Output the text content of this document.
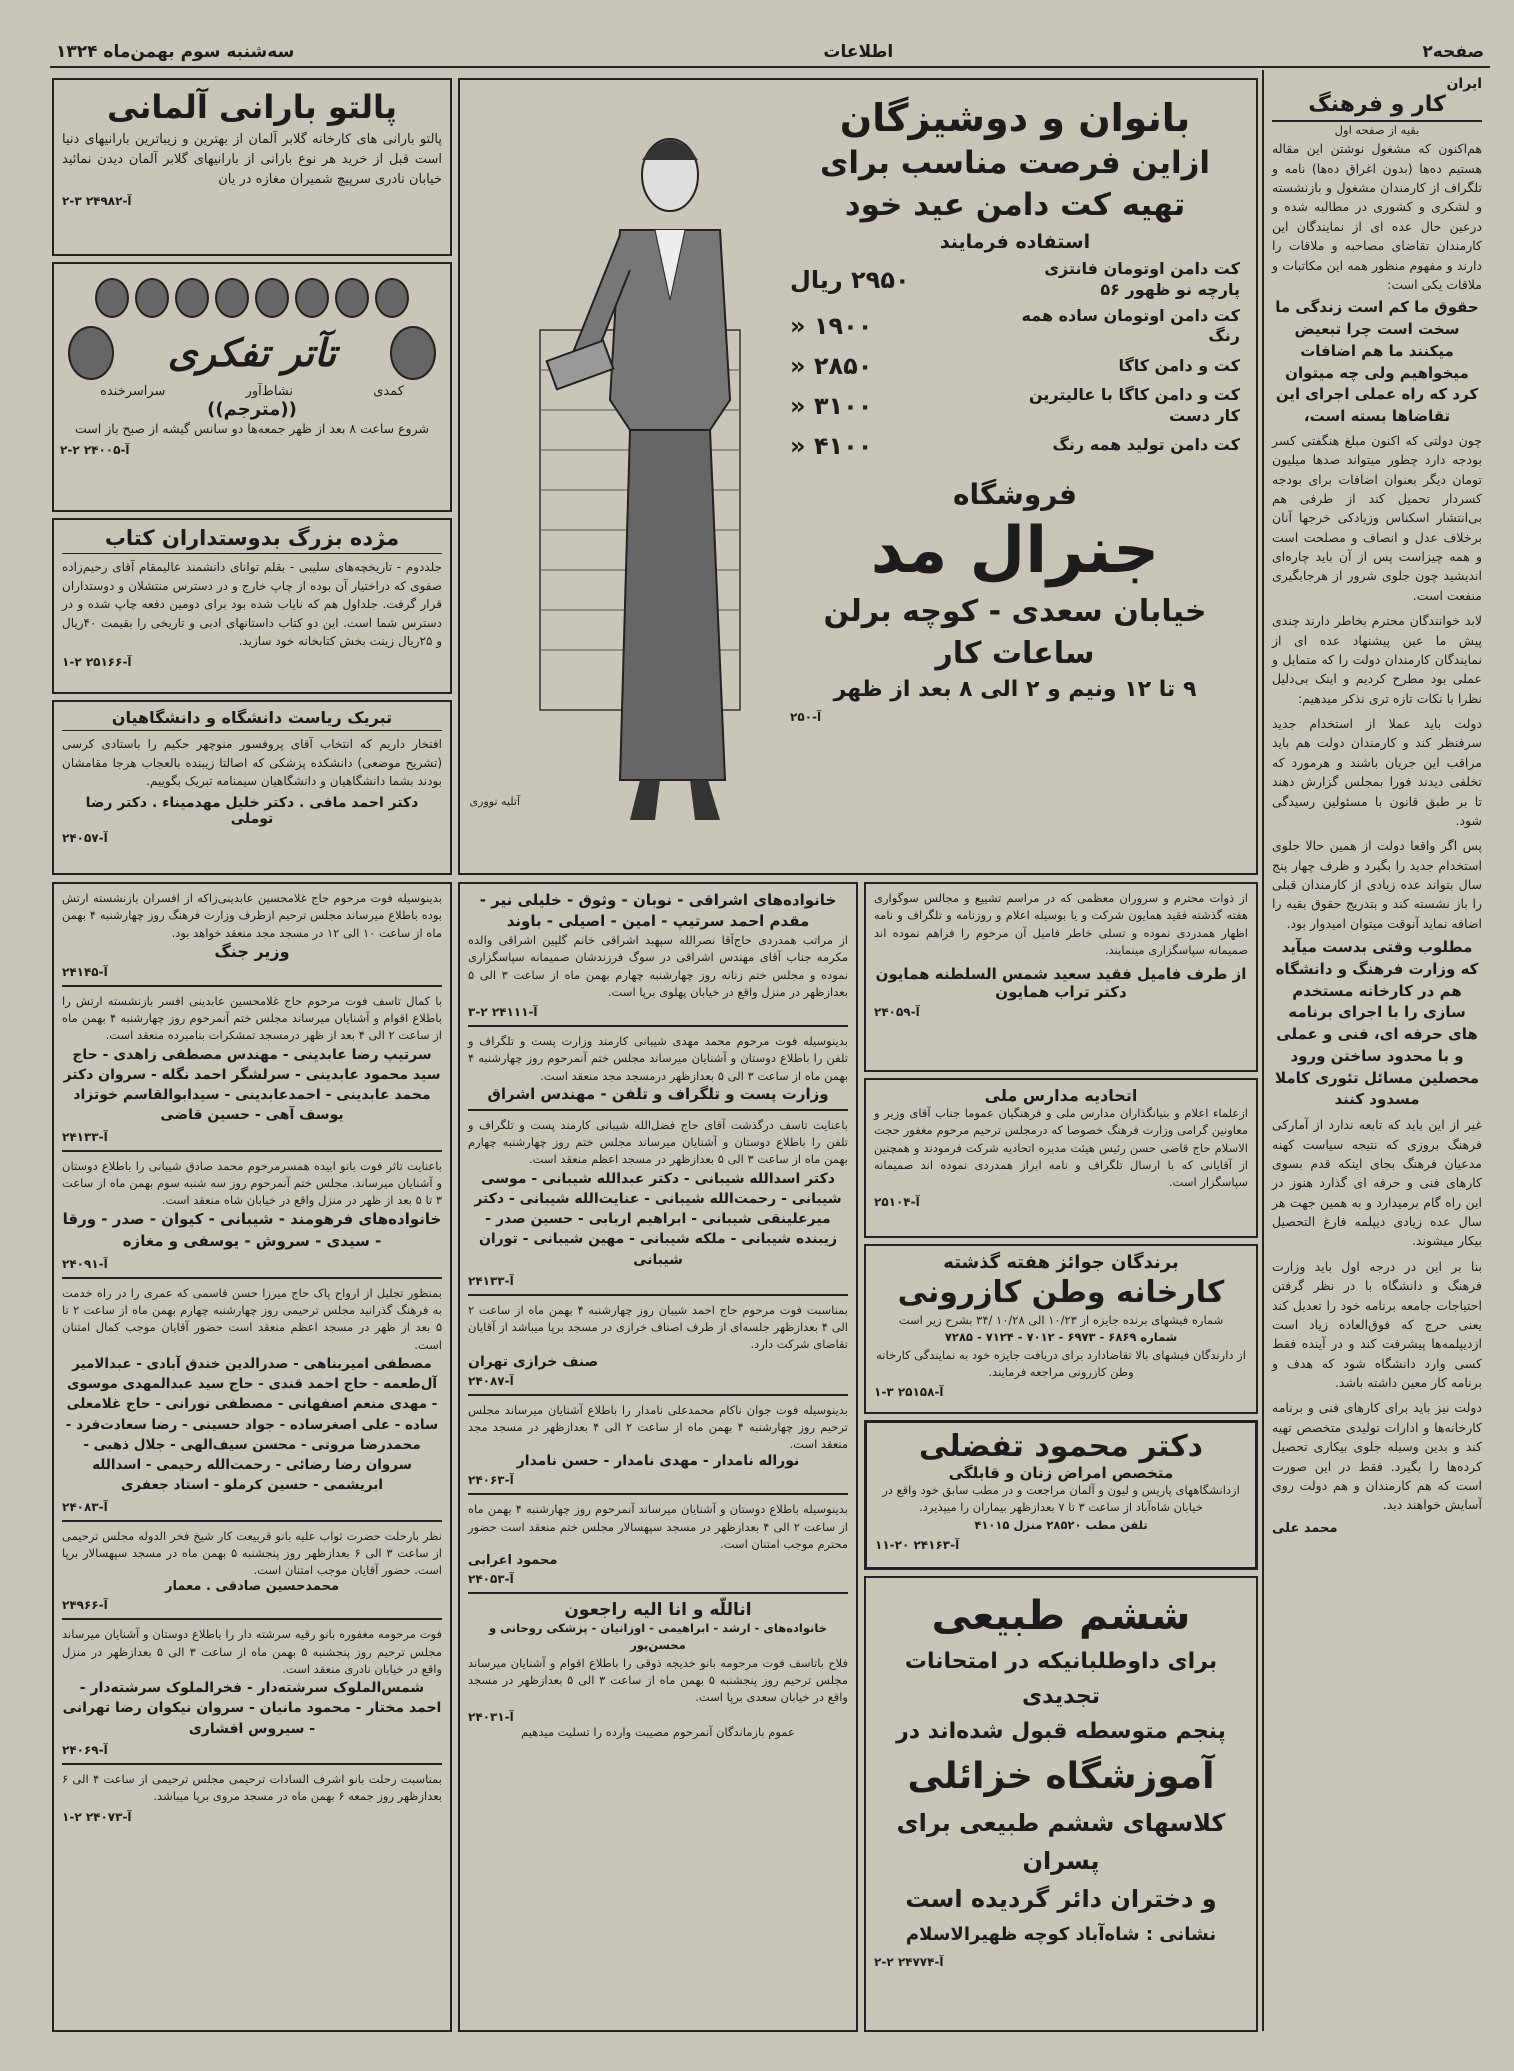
صفحه۲
اطلاعات
سه‌شنبه سوم بهمن‌ماه ۱۳۲۴
ایران
کار و فرهنگ
بقیه از صفحه اول

هم‌اکنون که مشغول نوشتن این مقاله هستیم ده‌ها (بدون اغراق ده‌ها) نامه و تلگراف از کارمندان مشغول و بازنشسته و لشکری و کشوری در مطالبه شده و درعین حال عده ای از نمایندگان این کارمندان تقاضای مصاحبه و ملاقات را دارند و مفهوم منظور همه این مکاتبات و ملاقات یکی است:

حقوق ما کم است زندگی ما سخت است چرا تبعیض میکنند ما هم اضافات میخواهیم ولی چه میتوان کرد که راه عملی اجرای این تقاضاها بسته است،

چون دولتی که اکنون مبلغ هنگفتی کسر بودجه دارد چطور میتواند صدها میلیون تومان دیگر بعنوان اضافات برای بودجه کسردار تحمیل کند از طرفی هم بی‌انتشار اسکناس وزیادکی خرجها آنان برخلاف عدل و انصاف و مصلحت است و همه چیزاست پس از آن باید چاره‌ای اندیشید چون جلوی شرور از هرجابگیری منفعت است.

لابد خوانندگان محترم بخاطر دارند چندی پیش ما عین پیشنهاد عده ای از نمایندگان کارمندان دولت را که متمایل و عملی بود مطرح کردیم و اینک بی‌دلیل نظرا با نکات تازه تری نذکر میدهیم:

دولت باید عملا از استخدام جدید سرفنظر کند و کارمندان دولت هم باید مراقب این جریان باشند و هرمورد که تخلفی دیدند فورا بمجلس گزارش دهند تا بر طبق قانون با مسئولین رسیدگی شود.

پس اگر واقعا دولت از همین حالا جلوی استخدام جدید را بگیرد و ظرف چهار پنج سال بتواند عده زیادی از کارمندان قبلی را باز نشسته کند و بتدریج حقوق بقیه را اضافه نماید آنوقت میتوان امیدوار بود.

مطلوب وقتی بدست میآید که وزارت فرهنگ و دانشگاه هم در کارخانه مستخدم سازی را با اجرای برنامه های حرفه ای، فنی و عملی و با محدود ساختن ورود محصلین مسائل تئوری کاملا مسدود کنند

غیر از این باید که تابعه ندارد از آمارکی فرهنگ بروزی که نتیجه سیاست کهنه مدعیان فرهنگ بجای اینکه قدم بسوی کارهای فنی و حرفه ای گذارد هنوز در این راه گام برمیدارد و به همین جهت هر سال عده زیادی دیپلمه فارغ التحصیل بیکار میشوند.

بنا بر این در درجه اول باید وزارت فرهنگ و دانشگاه با در نظر گرفتن احتیاجات جامعه برنامه خود را تعدیل کند یعنی حرج که فوق‌العاده زیاد است ازدیپلمه‌ها پیشرفت کند و در آینده فقط کسی وارد دانشگاه شود که هدف و برنامه کار معین داشته باشد.

دولت نیز باید برای کارهای فنی و برنامه کارخانه‌ها و ادارات تولیدی متخصص تهیه کند و بدین وسیله جلوی بیکاری تحصیل کرده‌ها را بگیرد. فقط در این صورت است که هم کارمندان و هم دولت روی آسایش خواهند دید.

محمد علی

آتلیه تووری
بانوان و دوشیزگان
ازاین فرصت مناسب برای
تهیه کت دامن عید خود
استفاده فرمایند
کت دامن اوتومان فانتزی پارچه نو ظهور ۵۶
۲۹۵۰ ریال
کت دامن اوتومان ساده همه رنگ
۱۹۰۰ «
کت و دامن کاگا
۲۸۵۰ «
کت و دامن کاگا با عالیترین کار دست
۳۱۰۰ «
کت دامن تولید همه رنگ
۴۱۰۰ «
فروشگاه
جنرال مد
خیابان سعدی - کوچه برلن
ساعات کار
۹ تا ۱۲ ونیم و ۲ الی ۸ بعد از ظهر
آ-۲۵۰
پالتو بارانی آلمانی

پالتو بارانی های کارخانه گلابر آلمان از بهترین و زیباترین بارانیهای دنیا است قبل از خرید هر نوع بارانی از بارانیهای گلابر آلمان دیدن نمائید خیابان نادری سرپیچ شمیران مغازه در یان

آ-۲۴۹۸۲ ۳-۲
تآتر تفکری
کمدی
نشاط‌آور
سراسرخنده
((مترجم))
شروع ساعت ۸ بعد از ظهر جمعه‌ها دو سانس گیشه از صبح باز است
آ-۲۴۰۰۵ ۲-۲
مژده بزرگ بدوستداران کتاب

جلددوم - تاریخچه‌های سلیبی - بقلم توانای دانشمند عالیمقام آقای رحیم‌زاده صفوی که دراختیار آن بوده از چاپ خارج و در دسترس منتشلان و دوستداران قرار گرفت. جلداول هم که نایاب شده بود برای دومین دفعه چاپ شده و در دسترس شما است. این دو کتاب داستانهای ادبی و تاریخی را بقیمت ۴۰ریال و ۲۵ریال زینت بخش کتابخانه خود سازید.

آ-۲۵۱۶۶ ۲-۱
تبریک ریاست دانشگاه و دانشگاهیان

افتخار داریم که انتخاب آقای پروفسور منوچهر حکیم را باستادی کرسی (تشریح موضعی) دانشکده پزشکی که اصالتا زیبنده بالعجاب هرجا مقامشان بودند بشما دانشگاهیان و دانشگاهیان سیمنامه تبریک بگوییم.

دکتر احمد مافی . دکتر خلیل مهدمیناء . دکتر رضا توملی
آ-۲۴۰۵۷

بدینوسیله فوت مرحوم حاج غلامحسین عابدینی‌زاکه از افسران بازنشسته ارتش بوده باطلاع میرساند مجلس ترحیم ازطرف وزارت فرهنگ روز چهارشنبه ۴ بهمن ماه از ساعت ۱۰ الی ۱۲ در مسجد مجد منعقد خواهد بود.

وزیر جنگ
آ-۲۴۱۴۵

با کمال تاسف فوت مرحوم حاج غلامحسین عابدینی افسر بازنشسته ارتش را باطلاع اقوام و آشنایان میرساند مجلس ختم آنمرحوم روز چهارشنبه ۴ بهمن ماه از ساعت ۲ الی ۴ بعد از ظهر درمسجد تمشکرات بنامبرده منعقد است.

سرتیپ رضا عابدینی - مهندس مصطفی زاهدی - حاج سید محمود عابدینی - سرلشگر احمد نگله - سروان دکتر محمد عابدینی - احمدعابدینی - سیدابوالقاسم خوتزاد یوسف آهی - حسین قاضی
آ-۲۴۱۳۳

باعنایت تاثر فوت بانو ابیده همسرمرحوم محمد صادق شیبانی را باطلاع دوستان و آشنایان میرساند. مجلس ختم آنمرحوم روز سه شنبه سوم بهمن ماه از ساعت ۳ تا ۵ بعد از ظهر در منزل واقع در خیابان شاه منعقد است.

خانواده‌های فرهومند - شیبانی - کیوان - صدر - ورقا - سیدی - سروش - یوسفی و مغازه
آ-۲۴۰۹۱

بمنظور تجلیل از ارواح پاک حاج میرزا حسن قاسمی که عمری را در راه خدمت به فرهنگ گذرانید مجلس ترحیمی روز چهارشنبه چهارم بهمن ماه از ساعت ۲ تا ۵ بعد از ظهر در مسجد اعظم منعقد است حضور آقایان موجب کمال امتنان است.

مصطفی امیربناهی - صدرالدین خندق آبادی - عبدالامیر آل‌طعمه - حاج احمد قندی - حاج سید عبدالمهدی موسوی - مهدی منعم اصفهانی - مصطفی نورانی - حاج غلامعلی ساده - علی اصغرساده - جواد حسینی - رضا سعادت‌فرد - محمدرضا مروتی - محسن سیف‌الهی - جلال ذهبی - سروان رضا رضائی - رحمت‌الله رحیمی - اسدالله ابریشمی - حسین کرملو - استاد جعفری
آ-۲۴۰۸۳

نظر بارحلت حضرت ثواب علیه بانو قربیعت کار شیخ فخر الدوله مجلس ترحیمی از ساعت ۳ الی ۶ بعدازظهر روز پنجشنبه ۵ بهمن ماه در مسجد سپهسالار برپا است. حضور آقایان موجب امتنان است.

محمدحسین صادقی . معمار
آ-۲۴۹۶۶

فوت مرحومه مغفوره بانو رقیه سرشته دار را باطلاع دوستان و آشنایان میرساند مجلس ترحیم روز پنجشنبه ۵ بهمن ماه از ساعت ۳ الی ۵ بعدازظهر در منزل واقع در خیابان نادری منعقد است.

شمس‌الملوک سرشته‌دار - فخرالملوک سرشته‌دار - احمد مختار - محمود مانیان - سروان نیکوان رضا تهرانی - سیروس افشاری
آ-۲۴۰۶۹

بمناسبت رحلت بانو اشرف السادات ترحیمی مجلس ترحیمی از ساعت ۴ الی ۶ بعدازظهر روز جمعه ۶ بهمن ماه در مسجد مروی برپا میباشد.

آ-۲۴۰۷۳ ۲-۱
خانواده‌های اشراقی - نوبان - وثوق - خلیلی نیر - مقدم احمد سرتیپ - امین - اصیلی - باوند

از مراتب همدردی حاج‌آقا نصرالله سپهبد اشراقی خانم گلپین اشراقی والده مکرمه جناب آقای مهندس اشراقی در سوگ فرزندشان صمیمانه سپاسگزاری نموده و مجلس ختم زنانه روز چهارشنبه چهارم بهمن ماه از ساعت ۳ الی ۵ بعدازظهر در منزل واقع در خیابان پهلوی برپا است.

آ-۲۴۱۱۱ ۲-۳

بدینوسیله فوت مرحوم محمد مهدی شیبانی کارمند وزارت پست و تلگراف و تلفن را باطلاع دوستان و آشنایان میرساند مجلس ختم آنمرحوم روز چهارشنبه ۴ بهمن ماه از ساعت ۳ الی ۵ بعدازظهر درمسجد مجد منعقد است.

وزارت پست و تلگراف و تلفن - مهندس اشراق

باعنایت تاسف درگذشت آقای حاج فضل‌الله شیبانی کارمند پست و تلگراف و تلفن را باطلاع دوستان و آشنایان میرساند مجلس ختم روز چهارشنبه چهارم بهمن ماه از ساعت ۳ الی ۵ بعدازظهر در مسجد اعظم منعقد است.

دکتر اسدالله شیبانی - دکتر عبدالله شیبانی - موسی شیبانی - رحمت‌الله شیبانی - عنایت‌الله شیبانی - دکتر میرعلینقی شیبانی - ابراهیم اربابی - حسین صدر - زیبنده شیبانی - ملکه شیبانی - مهین شیبانی - توران شیبانی
آ-۲۴۱۳۳

بمناسبت فوت مرحوم حاج احمد شیبان روز چهارشنبه ۴ بهمن ماه از ساعت ۲ الی ۴ بعدازظهر جلسه‌ای از طرف اصناف خرازی در مسجد برپا میباشد از آقایان تقاضای شرکت دارد.

صنف خرازی تهران
آ-۲۴۰۸۷

بدینوسیله فوت جوان ناکام محمدعلی نامدار را باطلاع آشنایان میرساند مجلس ترحیم روز چهارشنبه ۴ بهمن ماه از ساعت ۲ الی ۴ بعدازظهر در مسجد مجد منعقد است.

نوراله نامدار - مهدی نامدار - حسن نامدار
آ-۲۴۰۶۳

بدینوسیله باطلاع دوستان و آشنایان میرساند آنمرحوم روز چهارشنبه ۴ بهمن ماه از ساعت ۲ الی ۴ بعدازظهر در مسجد سپهسالار مجلس ختم منعقد است حضور محترم موجب امتنان است.

محمود اعرابی
آ-۲۴۰۵۳
اناللّه و انا الیه راجعون
خانواده‌های - ارشد - ابراهیمی - اوزانیان - پزشکی روحانی و محسن‌پور

فلاح باتاسف فوت مرحومه بانو خدیجه ذوقی را باطلاع اقوام و آشنایان میرساند مجلس ترحیم روز پنجشنبه ۵ بهمن ماه از ساعت ۳ الی ۵ بعدازظهر در مسجد واقع در خیابان سعدی برپا است.

آ-۲۴۰۳۱
عموم بازماندگان آنمرحوم مصیبت وارده را تسلیت میدهیم

از ذوات محترم و سروران معظمی که در مراسم تشییع و مجالس سوگواری هفته گذشته فقید همایون شرکت و یا بوسیله اعلام و روزنامه و تلگراف و نامه اظهار همدردی نموده و تسلی خاطر فامیل آن مرحوم را فراهم نموده اند صمیمانه سپاسگزاری مینمایند.

از طرف فامیل فقید سعید شمس السلطنه همایون
دکتر تراب همایون
آ-۲۴۰۵۹
اتحادیه مدارس ملی

ازعلماء اعلام و بنیانگذاران مدارس ملی و فرهنگیان عموما جناب آقای وزیر و معاونین گرامی وزارت فرهنگ خصوصا که درمجلس ترحیم مرحوم مغفور حجت الاسلام حاج قاضی حسن رئیس هیئت مدیره اتحادیه شرکت فرمودند و همچنین از آقایانی که با ارسال تلگراف و نامه ابراز همدردی نموده اند صمیمانه سپاسگزار است.

آ-۲۵۱۰۴
برندگان جوائز هفته گذشته
کارخانه وطن کازرونی
شماره فیشهای برنده جایزه از ۱۰/۲۳ الی ۱۰/۲۸ /۳۴ بشرح زیر است
شماره ۶۸۶۹ - ۶۹۷۳ - ۷۰۱۲ - ۷۱۲۴ - ۷۲۸۵
از دارندگان فیشهای بالا تقاضادارد برای دریافت جایزه خود به نمایندگی کارخانه وطن کازرونی مراجعه فرمایند.
آ-۲۵۱۵۸ ۳-۱
دکتر محمود تفضلی
متخصص امراض زنان و قابلگی
ازدانشگاههای پاریس و لیون و آلمان مراجعت و در مطب سابق خود واقع در خیابان شاه‌آباد از ساعت ۳ تا ۷ بعدازظهر بیماران را میپذیرد.
تلفن مطب ۲۸۵۲۰ منزل ۴۱۰۱۵
آ-۲۴۱۶۳ ۲۰-۱۱
ششم طبیعی
برای داوطلبانیکه در امتحانات تجدیدی
پنجم متوسطه قبول شده‌اند در
آموزشگاه خزائلی
کلاسهای ششم طبیعی برای پسران
و دختران دائر گردیده است
نشانی : شاه‌آباد کوچه ظهیرالاسلام
آ-۲۴۷۷۴ ۲-۲
